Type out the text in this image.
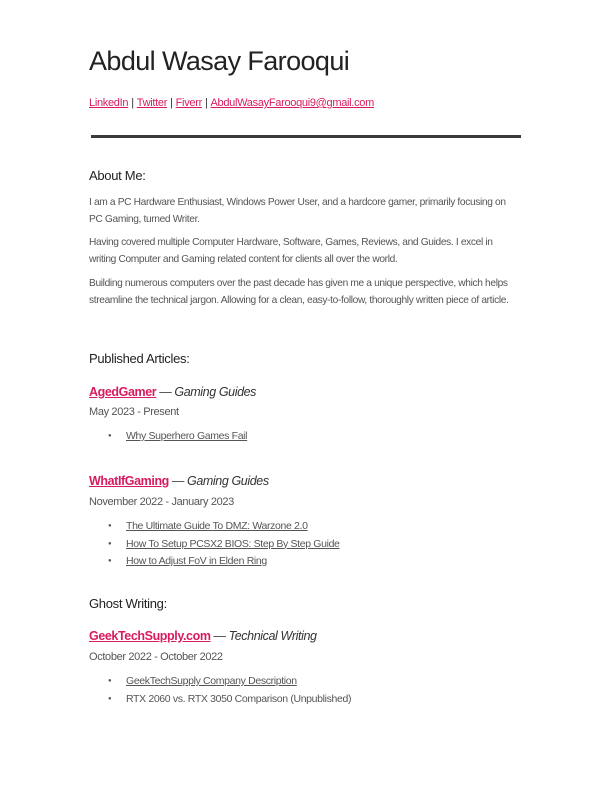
Abdul Wasay Farooqui
LinkedIn | Twitter | Fiverr | AbdulWasayFarooqui9@gmail.com
About Me:

I am a PC Hardware Enthusiast, Windows Power User, and a hardcore gamer, primarily focusing on PC Gaming, turned Writer.

Having covered multiple Computer Hardware, Software, Games, Reviews, and Guides. I excel in writing Computer and Gaming related content for clients all over the world.

Building numerous computers over the past decade has given me a unique perspective, which helps streamline the technical jargon. Allowing for a clean, easy-to-follow, thoroughly written piece of article.

Published Articles:
AgedGamer — Gaming Guides
May 2023 - Present
● Why Superhero Games Fail
WhatIfGaming — Gaming Guides
November 2022 - January 2023
● The Ultimate Guide To DMZ: Warzone 2.0
● How To Setup PCSX2 BIOS: Step By Step Guide
● How to Adjust FoV in Elden Ring
Ghost Writing:
GeekTechSupply.com — Technical Writing
October 2022 - October 2022
● GeekTechSupply Company Description
● RTX 2060 vs. RTX 3050 Comparison (Unpublished)
